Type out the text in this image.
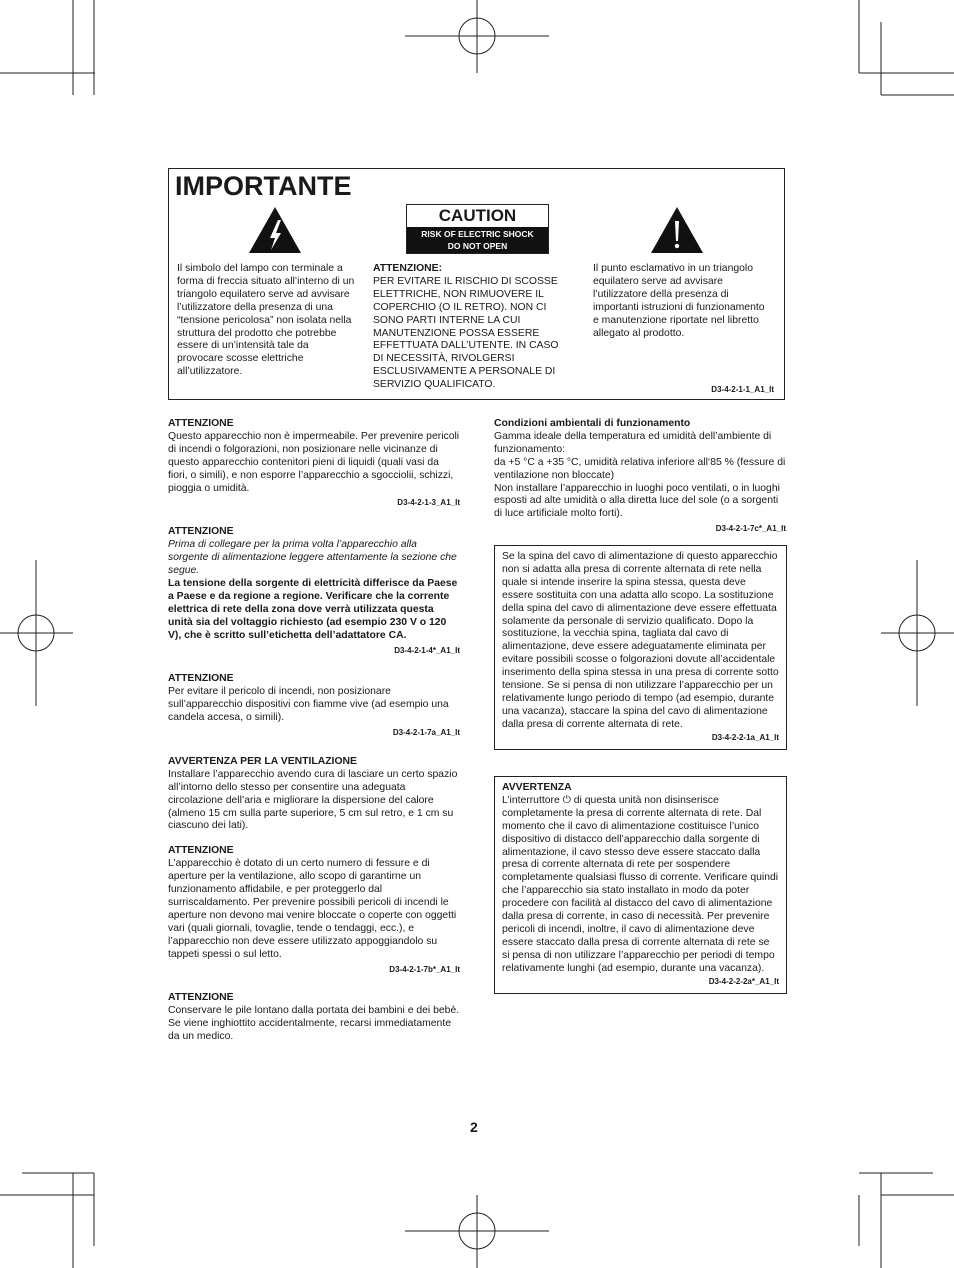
IMPORTANTE
CAUTION
RISK OF ELECTRIC SHOCK
DO NOT OPEN

Il simbolo del lampo con terminale a forma di freccia situato all’interno di un triangolo equilatero serve ad avvisare l’utilizzatore della presenza di una “tensione pericolosa” non isolata nella struttura del prodotto che potrebbe essere di un’intensità tale da provocare scosse elettriche all’utilizzatore.

ATTENZIONE:
PER EVITARE IL RISCHIO DI SCOSSE ELETTRICHE, NON RIMUOVERE IL COPERCHIO (O IL RETRO). NON CI SONO PARTI INTERNE LA CUI MANUTENZIONE POSSA ESSERE EFFETTUATA DALL’UTENTE. IN CASO DI NECESSITÀ, RIVOLGERSI ESCLUSIVAMENTE A PERSONALE DI SERVIZIO QUALIFICATO.

Il punto esclamativo in un triangolo equilatero serve ad avvisare l’utilizzatore della presenza di importanti istruzioni di funzionamento e manutenzione riportate nel libretto allegato al prodotto.

D3-4-2-1-1_A1_It
ATTENZIONE

Questo apparecchio non è impermeabile. Per prevenire pericoli di incendi o folgorazioni, non posizionare nelle vicinanze di questo apparecchio contenitori pieni di liquidi (quali vasi da fiori, o simili), e non esporre l’apparecchio a sgocciolii, schizzi, pioggia o umidità.

D3-4-2-1-3_A1_It
ATTENZIONE

Prima di collegare per la prima volta l’apparecchio alla sorgente di alimentazione leggere attentamente la sezione che segue.

La tensione della sorgente di elettricità differisce da Paese a Paese e da regione a regione. Verificare che la corrente elettrica di rete della zona dove verrà utilizzata questa unità sia del voltaggio richiesto (ad esempio 230 V o 120 V), che è scritto sull’etichetta dell’adattatore CA.

D3-4-2-1-4*_A1_It
ATTENZIONE

Per evitare il pericolo di incendi, non posizionare sull’apparecchio dispositivi con fiamme vive (ad esempio una candela accesa, o simili).

D3-4-2-1-7a_A1_It
AVVERTENZA PER LA VENTILAZIONE

Installare l’apparecchio avendo cura di lasciare un certo spazio all’intorno dello stesso per consentire una adeguata circolazione dell’aria e migliorare la dispersione del calore (almeno 15 cm sulla parte superiore, 5 cm sul retro, e 1 cm su ciascuno dei lati).

ATTENZIONE

L’apparecchio è dotato di un certo numero di fessure e di aperture per la ventilazione, allo scopo di garantirne un funzionamento affidabile, e per proteggerlo dal surriscaldamento. Per prevenire possibili pericoli di incendi le aperture non devono mai venire bloccate o coperte con oggetti vari (quali giornali, tovaglie, tende o tendaggi, ecc.), e l’apparecchio non deve essere utilizzato appoggiandolo su tappeti spessi o sul letto.

D3-4-2-1-7b*_A1_It
ATTENZIONE

Conservare le pile lontano dalla portata dei bambini e dei bebè. Se viene inghiottito accidentalmente, recarsi immediatamente da un medico.

Condizioni ambientali di funzionamento

Gamma ideale della temperatura ed umidità dell’ambiente di funzionamento:

da +5 °C a +35 °C, umidità relativa inferiore all‘85 % (fessure di ventilazione non bloccate)

Non installare l’apparecchio in luoghi poco ventilati, o in luoghi esposti ad alte umidità o alla diretta luce del sole (o a sorgenti di luce artificiale molto forti).

D3-4-2-1-7c*_A1_It

Se la spina del cavo di alimentazione di questo apparecchio non si adatta alla presa di corrente alternata di rete nella quale si intende inserire la spina stessa, questa deve essere sostituita con una adatta allo scopo. La sostituzione della spina del cavo di alimentazione deve essere effettuata solamente da personale di servizio qualificato. Dopo la sostituzione, la vecchia spina, tagliata dal cavo di alimentazione, deve essere adeguatamente eliminata per evitare possibili scosse o folgorazioni dovute all’accidentale inserimento della spina stessa in una presa di corrente sotto tensione. Se si pensa di non utilizzare l’apparecchio per un relativamente lungo periodo di tempo (ad esempio, durante una vacanza), staccare la spina del cavo di alimentazione dalla presa di corrente alternata di rete.

D3-4-2-2-1a_A1_It
AVVERTENZA

L’interruttore ⏻ di questa unità non disinserisce completamente la presa di corrente alternata di rete. Dal momento che il cavo di alimentazione costituisce l’unico dispositivo di distacco dell’apparecchio dalla sorgente di alimentazione, il cavo stesso deve essere staccato dalla presa di corrente alternata di rete per sospendere completamente qualsiasi flusso di corrente. Verificare quindi che l’apparecchio sia stato installato in modo da poter procedere con facilità al distacco del cavo di alimentazione dalla presa di corrente, in caso di necessità. Per prevenire pericoli di incendi, inoltre, il cavo di alimentazione deve essere staccato dalla presa di corrente alternata di rete se si pensa di non utilizzare l’apparecchio per periodi di tempo relativamente lunghi (ad esempio, durante una vacanza).

D3-4-2-2-2a*_A1_It
2
